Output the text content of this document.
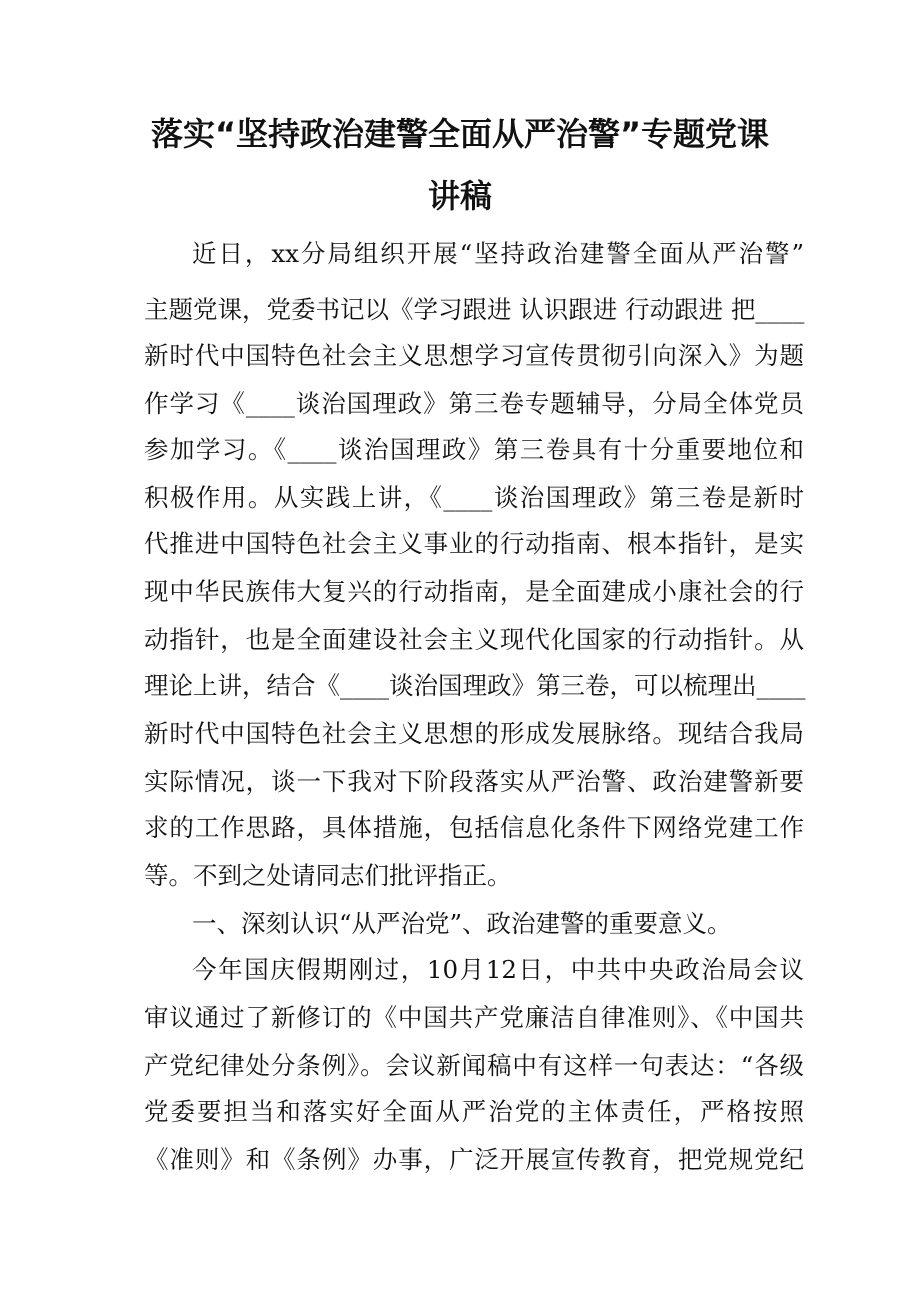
落实“坚持政治建警全面从严治警”专题党课
讲稿
近日，xx分局组织开展“坚持政治建警全面从严治警”
主题党课，党委书记以《学习跟进 认识跟进 行动跟进 把____
新时代中国特色社会主义思想学习宣传贯彻引向深入》为题
作学习《____谈治国理政》第三卷专题辅导，分局全体党员
参加学习。《____谈治国理政》第三卷具有十分重要地位和
积极作用。从实践上讲，《____谈治国理政》第三卷是新时
代推进中国特色社会主义事业的行动指南、根本指针，是实
现中华民族伟大复兴的行动指南，是全面建成小康社会的行
动指针，也是全面建设社会主义现代化国家的行动指针。从
理论上讲，结合《____谈治国理政》第三卷，可以梳理出____
新时代中国特色社会主义思想的形成发展脉络。现结合我局
实际情况，谈一下我对下阶段落实从严治警、政治建警新要
求的工作思路，具体措施，包括信息化条件下网络党建工作
等。不到之处请同志们批评指正。
一、深刻认识“从严治党”、政治建警的重要意义。
今年国庆假期刚过，10月12日，中共中央政治局会议
审议通过了新修订的《中国共产党廉洁自律准则》、《中国共
产党纪律处分条例》。会议新闻稿中有这样一句表达：“各级
党委要担当和落实好全面从严治党的主体责任，严格按照
《准则》和《条例》办事，广泛开展宣传教育，把党规党纪
